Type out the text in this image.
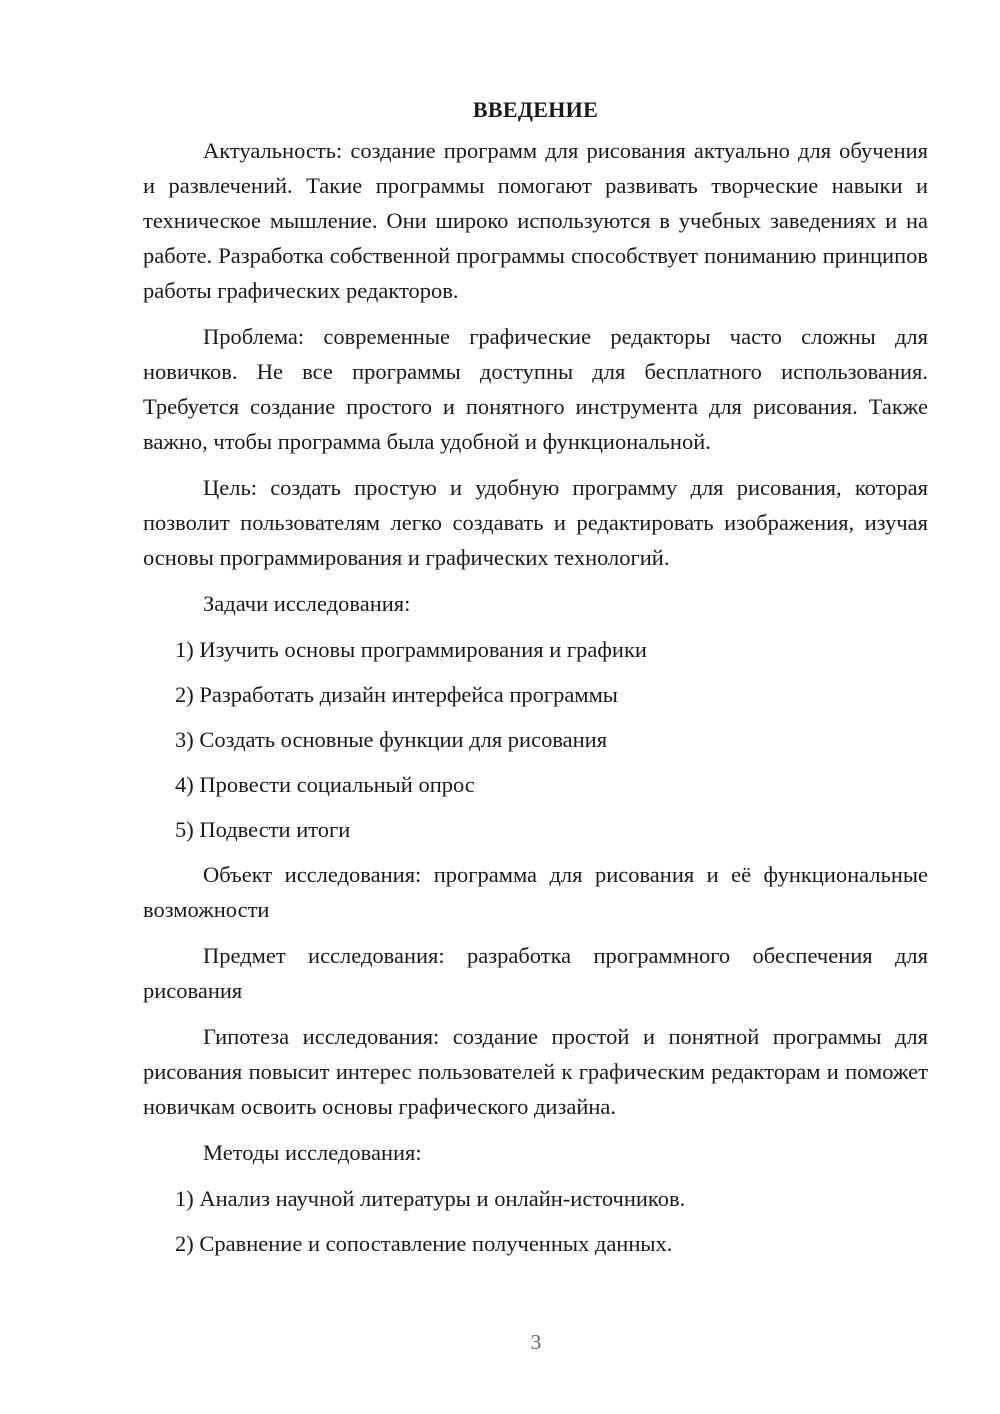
ВВЕДЕНИЕ

Актуальность: создание программ для рисования актуально для обучения и развлечений. Такие программы помогают развивать творческие навыки и техническое мышление. Они широко используются в учебных заведениях и на работе. Разработка собственной программы способствует пониманию принципов работы графических редакторов.

Проблема: современные графические редакторы часто сложны для новичков. Не все программы доступны для бесплатного использования. Требуется создание простого и понятного инструмента для рисования. Также важно, чтобы программа была удобной и функциональной.

Цель: создать простую и удобную программу для рисования, которая позволит пользователям легко создавать и редактировать изображения, изучая основы программирования и графических технологий.

Задачи исследования:

1) Изучить основы программирования и графики
2) Разработать дизайн интерфейса программы
3) Создать основные функции для рисования
4) Провести социальный опрос
5) Подвести итоги

Объект исследования: программа для рисования и её функциональные возможности

Предмет исследования: разработка программного обеспечения для рисования

Гипотеза исследования: создание простой и понятной программы для рисования повысит интерес пользователей к графическим редакторам и поможет новичкам освоить основы графического дизайна.

Методы исследования:

1) Анализ научной литературы и онлайн-источников.
2) Сравнение и сопоставление полученных данных.
3
